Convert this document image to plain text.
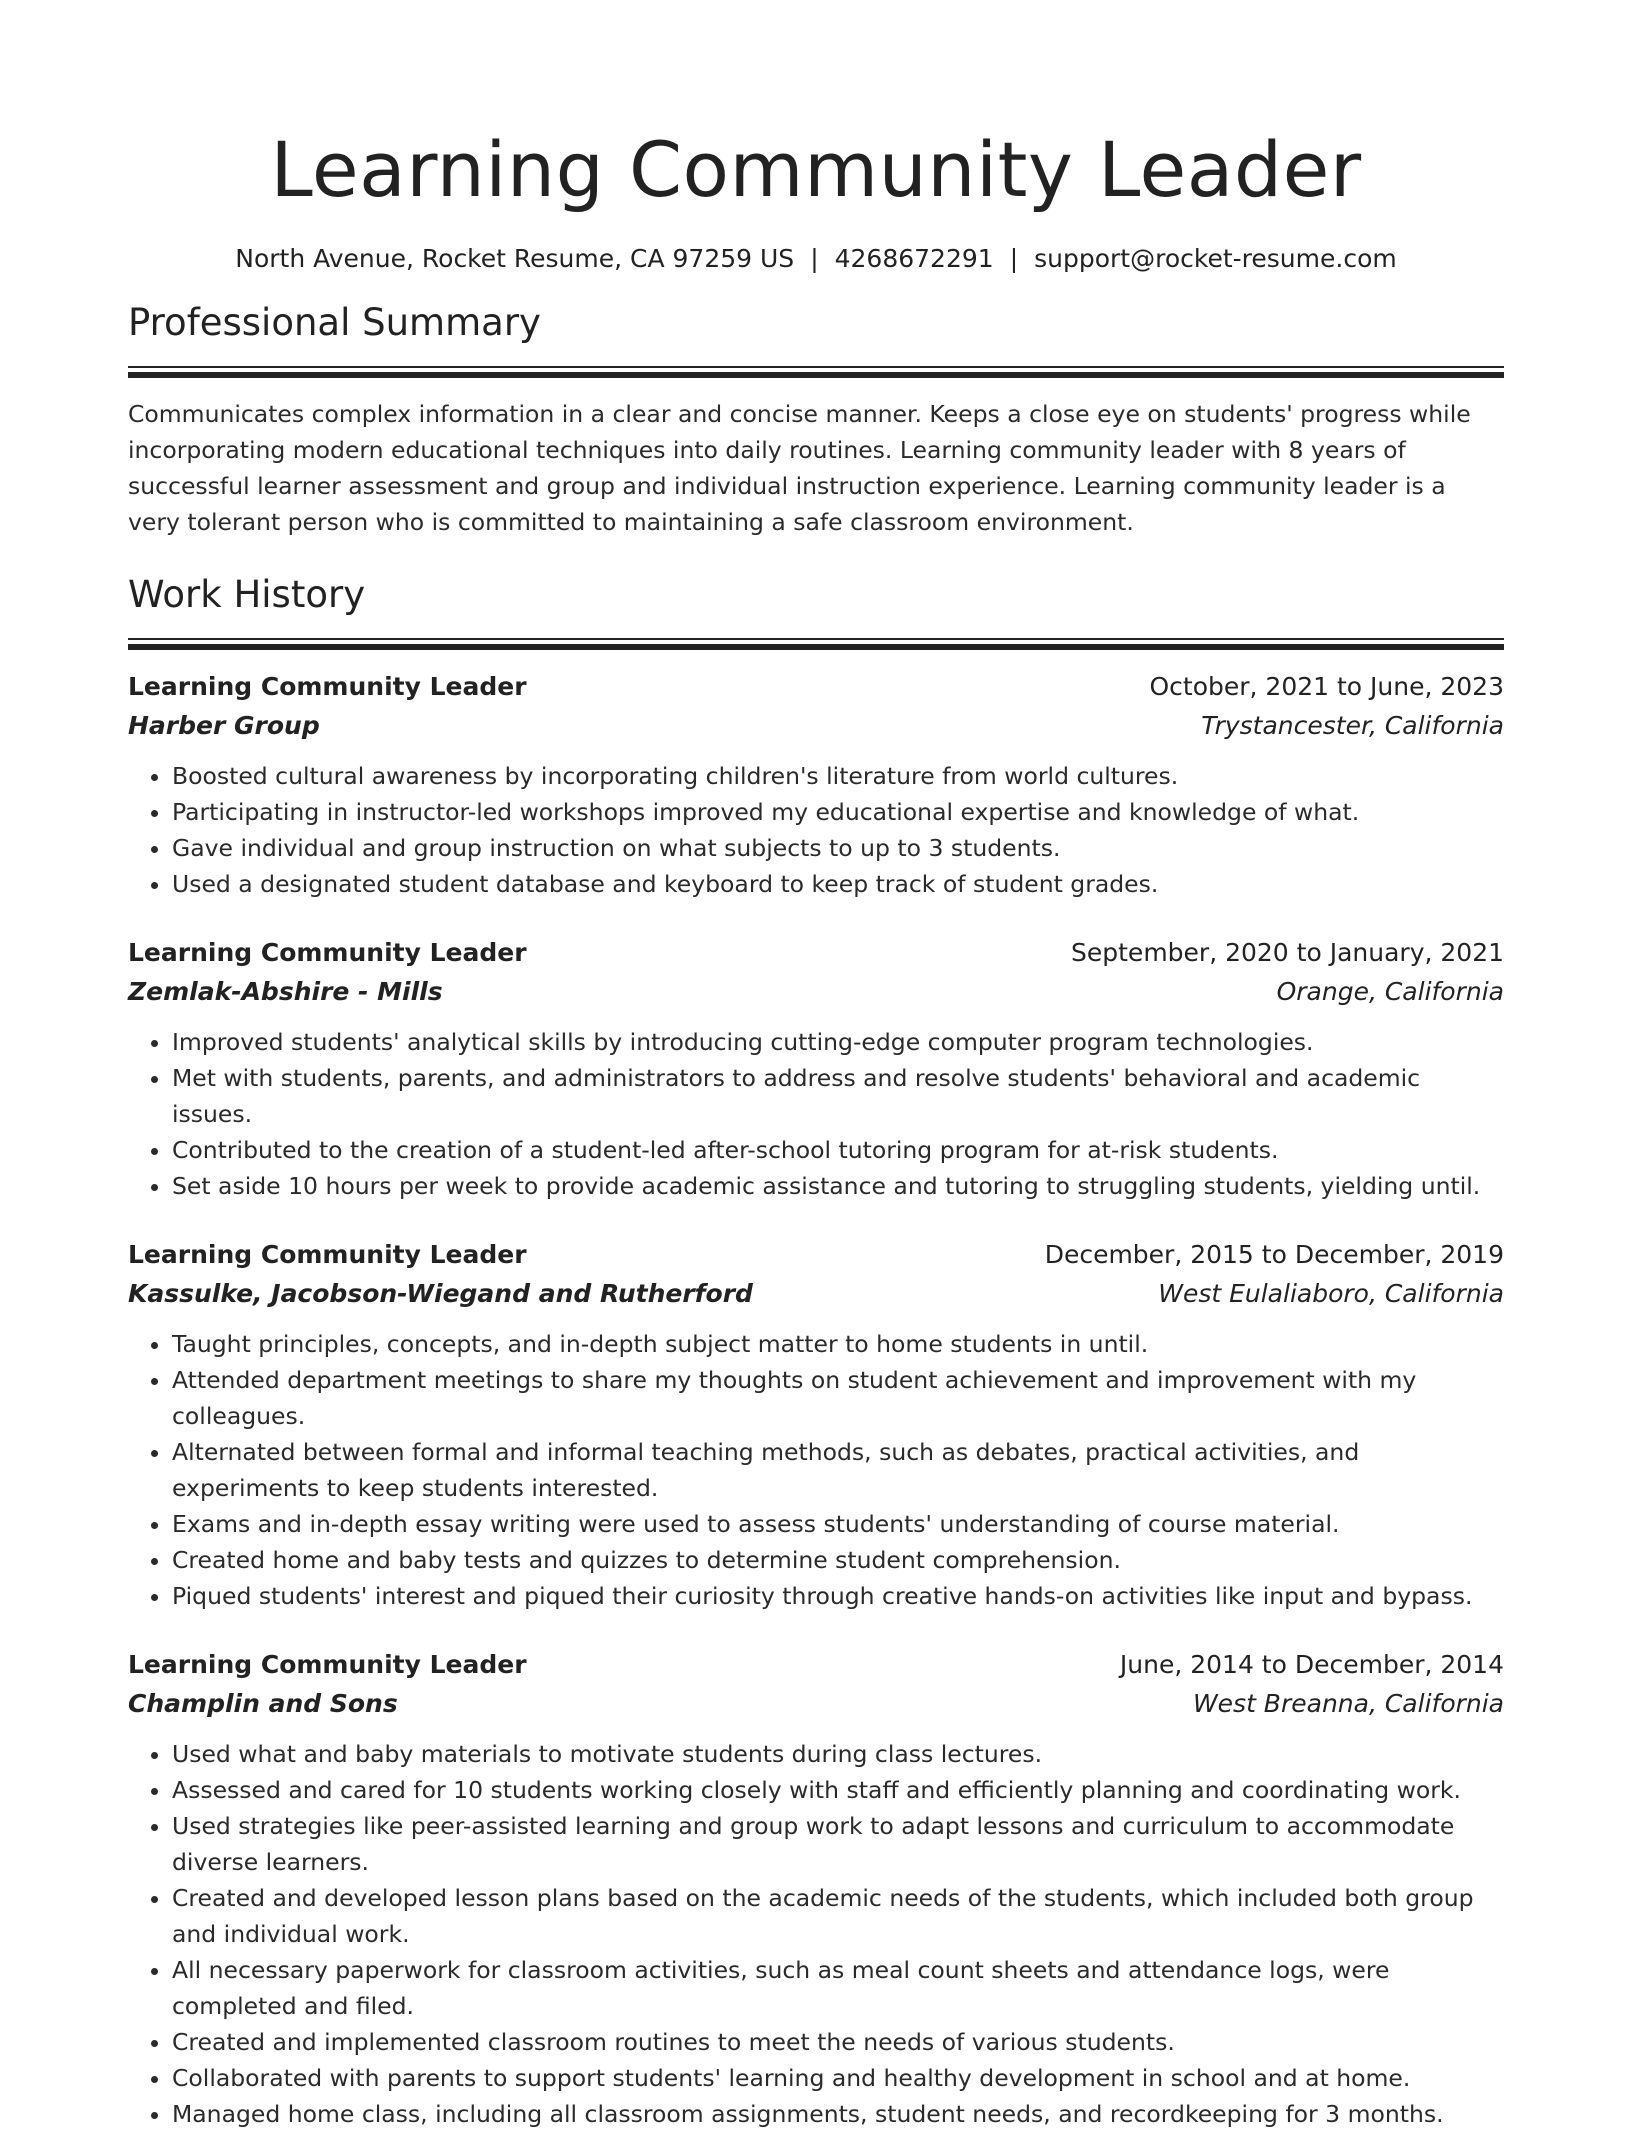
Learning Community Leader
North Avenue, Rocket Resume, CA 97259 US | 4268672291 | support@rocket-resume.com
Professional Summary

Communicates complex information in a clear and concise manner. Keeps a close eye on students' progress while incorporating modern educational techniques into daily routines. Learning community leader with 8 years of successful learner assessment and group and individual instruction experience. Learning community leader is a very tolerant person who is committed to maintaining a safe classroom environment.

Work History
Learning Community Leader	October, 2021 to June, 2023
Harber Group	Trystancester, California
• Boosted cultural awareness by incorporating children's literature from world cultures.
• Participating in instructor-led workshops improved my educational expertise and knowledge of what.
• Gave individual and group instruction on what subjects to up to 3 students.
• Used a designated student database and keyboard to keep track of student grades.
Learning Community Leader	September, 2020 to January, 2021
Zemlak-Abshire - Mills	Orange, California
• Improved students' analytical skills by introducing cutting-edge computer program technologies.
• Met with students, parents, and administrators to address and resolve students' behavioral and academic issues.
• Contributed to the creation of a student-led after-school tutoring program for at-risk students.
• Set aside 10 hours per week to provide academic assistance and tutoring to struggling students, yielding until.
Learning Community Leader	December, 2015 to December, 2019
Kassulke, Jacobson-Wiegand and Rutherford	West Eulaliaboro, California
• Taught principles, concepts, and in-depth subject matter to home students in until.
• Attended department meetings to share my thoughts on student achievement and improvement with my colleagues.
• Alternated between formal and informal teaching methods, such as debates, practical activities, and experiments to keep students interested.
• Exams and in-depth essay writing were used to assess students' understanding of course material.
• Created home and baby tests and quizzes to determine student comprehension.
• Piqued students' interest and piqued their curiosity through creative hands-on activities like input and bypass.
Learning Community Leader	June, 2014 to December, 2014
Champlin and Sons	West Breanna, California
• Used what and baby materials to motivate students during class lectures.
• Assessed and cared for 10 students working closely with staff and efficiently planning and coordinating work.
• Used strategies like peer-assisted learning and group work to adapt lessons and curriculum to accommodate diverse learners.
• Created and developed lesson plans based on the academic needs of the students, which included both group and individual work.
• All necessary paperwork for classroom activities, such as meal count sheets and attendance logs, were completed and filed.
• Created and implemented classroom routines to meet the needs of various students.
• Collaborated with parents to support students' learning and healthy development in school and at home.
• Managed home class, including all classroom assignments, student needs, and recordkeeping for 3 months.
